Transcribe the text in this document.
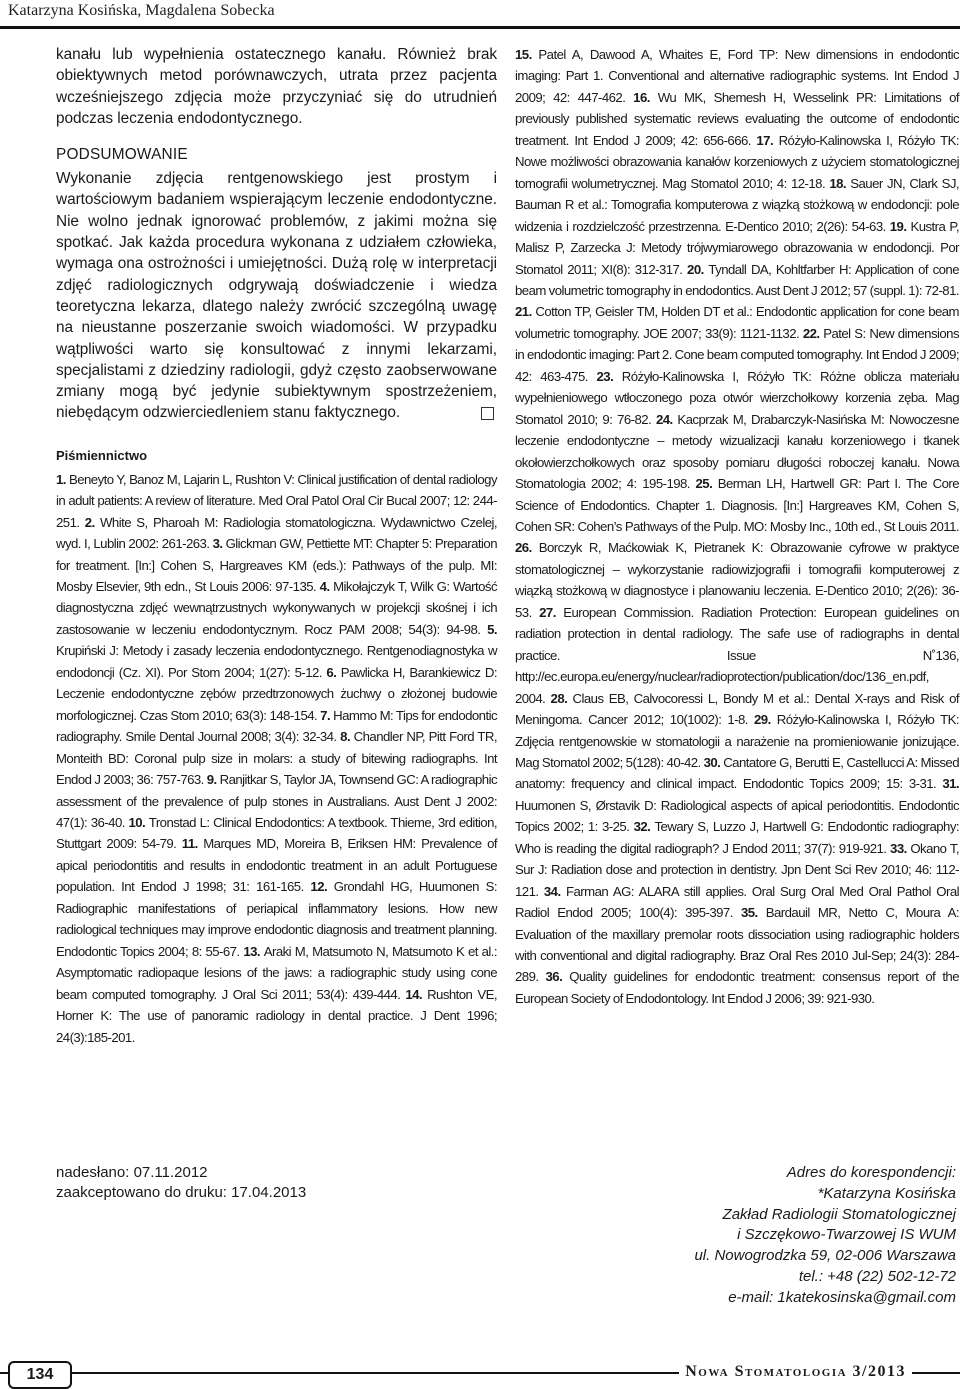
Katarzyna Kosińska, Magdalena Sobecka

kanału lub wypełnienia ostatecznego kanału. Również brak obiektywnych metod porównawczych, utrata przez pacjenta wcześniejszego zdjęcia może przyczyniać się do utrudnień podczas leczenia endodontycznego.

PODSUMOWANIE

Wykonanie zdjęcia rentgenowskiego jest prostym i wartościowym badaniem wspierającym leczenie endodontyczne. Nie wolno jednak ignorować problemów, z jakimi można się spotkać. Jak każda procedura wykonana z udziałem człowieka, wymaga ona ostrożności i umiejętności. Dużą rolę w interpretacji zdjęć radiologicznych odgrywają doświadczenie i wiedza teoretyczna lekarza, dlatego należy zwrócić szczególną uwagę na nieustanne poszerzanie swoich wiadomości. W przypadku wątpliwości warto się konsultować z innymi lekarzami, specjalistami z dziedziny radiologii, gdyż często zaobserwowane zmiany mogą być jedynie subiektywnym spostrzeżeniem, niebędącym odzwierciedleniem stanu faktycznego.

Piśmiennictwo

1. Beneyto Y, Banoz M, Lajarin L, Rushton V: Clinical justification of dental radiology in adult patients: A review of literature. Med Oral Patol Oral Cir Bucal 2007; 12: 244-251. 2. White S, Pharoah M: Radiologia stomatologiczna. Wydawnictwo Czelej, wyd. I, Lublin 2002: 261-263. 3. Glickman GW, Pettiette MT: Chapter 5: Preparation for treatment. [In:] Cohen S, Hargreaves KM (eds.): Pathways of the pulp. MI: Mosby Elsevier, 9th edn., St Louis 2006: 97-135. 4. Mikołajczyk T, Wilk G: Wartość diagnostyczna zdjęć wewnątrzustnych wykonywanych w projekcji skośnej i ich zastosowanie w leczeniu endodontycznym. Rocz PAM 2008; 54(3): 94-98. 5. Krupiński J: Metody i zasady leczenia endodontycznego. Rentgenodiagnostyka w endodoncji (Cz. XI). Por Stom 2004; 1(27): 5-12. 6. Pawlicka H, Barankiewicz D: Leczenie endodontyczne zębów przedtrzonowych żuchwy o złożonej budowie morfologicznej. Czas Stom 2010; 63(3): 148-154. 7. Hammo M: Tips for endodontic radiography. Smile Dental Journal 2008; 3(4): 32-34. 8. Chandler NP, Pitt Ford TR, Monteith BD: Coronal pulp size in molars: a study of bitewing radiographs. Int Endod J 2003; 36: 757-763. 9. Ranjitkar S, Taylor JA, Townsend GC: A radiographic assessment of the prevalence of pulp stones in Australians. Aust Dent J 2002: 47(1): 36-40. 10. Tronstad L: Clinical Endodontics: A textbook. Thieme, 3rd edition, Stuttgart 2009: 54-79. 11. Marques MD, Moreira B, Eriksen HM: Prevalence of apical periodontitis and results in endodontic treatment in an adult Portuguese population. Int Endod J 1998; 31: 161-165. 12. Grondahl HG, Huumonen S: Radiographic manifestations of periapical inflammatory lesions. How new radiological techniques may improve endodontic diagnosis and treatment planning. Endodontic Topics 2004; 8: 55-67. 13. Araki M, Matsumoto N, Matsumoto K et al.: Asymptomatic radiopaque lesions of the jaws: a radiographic study using cone beam computed tomography. J Oral Sci 2011; 53(4): 439-444. 14. Rushton VE, Horner K: The use of panoramic radiology in dental practice. J Dent 1996; 24(3):185-201.

15. Patel A, Dawood A, Whaites E, Ford TP: New dimensions in endodontic imaging: Part 1. Conventional and alternative radiographic systems. Int Endod J 2009; 42: 447-462. 16. Wu MK, Shemesh H, Wesselink PR: Limitations of previously published systematic reviews evaluating the outcome of endodontic treatment. Int Endod J 2009; 42: 656-666. 17. Różyło-Kalinowska I, Różyło TK: Nowe możliwości obrazowania kanałów korzeniowych z użyciem stomatologicznej tomografii wolumetrycznej. Mag Stomatol 2010; 4: 12-18. 18. Sauer JN, Clark SJ, Bauman R et al.: Tomografia komputerowa z wiązką stożkową w endodoncji: pole widzenia i rozdzielczość przestrzenna. E-Dentico 2010; 2(26): 54-63. 19. Kustra P, Malisz P, Zarzecka J: Metody trójwymiarowego obrazowania w endodoncji. Por Stomatol 2011; XI(8): 312-317. 20. Tyndall DA, Kohltfarber H: Application of cone beam volumetric tomography in endodontics. Aust Dent J 2012; 57 (suppl. 1): 72-81. 21. Cotton TP, Geisler TM, Holden DT et al.: Endodontic application for cone beam volumetric tomography. JOE 2007; 33(9): 1121-1132. 22. Patel S: New dimensions in endodontic imaging: Part 2. Cone beam computed tomography. Int Endod J 2009; 42: 463-475. 23. Różyło-Kalinowska I, Różyło TK: Różne oblicza materiału wypełnieniowego wtłoczonego poza otwór wierzchołkowy korzenia zęba. Mag Stomatol 2010; 9: 76-82. 24. Kacprzak M, Drabarczyk-Nasińska M: Nowoczesne leczenie endodontyczne – metody wizualizacji kanału korzeniowego i tkanek okołowierzchołkowych oraz sposoby pomiaru długości roboczej kanału. Nowa Stomatologia 2002; 4: 195-198. 25. Berman LH, Hartwell GR: Part I. The Core Science of Endodontics. Chapter 1. Diagnosis. [In:] Hargreaves KM, Cohen S, Cohen SR: Cohen’s Pathways of the Pulp. MO: Mosby Inc., 10th ed., St Louis 2011. 26. Borczyk R, Maćkowiak K, Pietranek K: Obrazowanie cyfrowe w praktyce stomatologicznej – wykorzystanie radiowizjografii i tomografii komputerowej z wiązką stożkową w diagnostyce i planowaniu leczenia. E-Dentico 2010; 2(26): 36-53. 27. European Commission. Radiation Protection: European guidelines on radiation protection in dental radiology. The safe use of radiographs in dental practice. Issue N˚136, http://ec.europa.eu/energy/nuclear/radioprotection/publication/doc/136_en.pdf, 2004. 28. Claus EB, Calvocoressi L, Bondy M et al.: Dental X-rays and Risk of Meningoma. Cancer 2012; 10(1002): 1-8. 29. Różyło-Kalinowska I, Różyło TK: Zdjęcia rentgenowskie w stomatologii a narażenie na promieniowanie jonizujące. Mag Stomatol 2002; 5(128): 40-42. 30. Cantatore G, Berutti E, Castellucci A: Missed anatomy: frequency and clinical impact. Endodontic Topics 2009; 15: 3-31. 31. Huumonen S, Ørstavik D: Radiological aspects of apical periodontitis. Endodontic Topics 2002; 1: 3-25. 32. Tewary S, Luzzo J, Hartwell G: Endodontic radiography: Who is reading the digital radiograph? J Endod 2011; 37(7): 919-921. 33. Okano T, Sur J: Radiation dose and protection in dentistry. Jpn Dent Sci Rev 2010; 46: 112-121. 34. Farman AG: ALARA still applies. Oral Surg Oral Med Oral Pathol Oral Radiol Endod 2005; 100(4): 395-397. 35. Bardauil MR, Netto C, Moura A: Evaluation of the maxillary premolar roots dissociation using radiographic holders with conventional and digital radiography. Braz Oral Res 2010 Jul-Sep; 24(3): 284-289. 36. Quality guidelines for endodontic treatment: consensus report of the European Society of Endodontology. Int Endod J 2006; 39: 921-930.

nadesłano: 07.11.2012
zaakceptowano do druku: 17.04.2013
Adres do korespondencji:
*Katarzyna Kosińska
Zakład Radiologii Stomatologicznej
i Szczękowo-Twarzowej IS WUM
ul. Nowogrodzka 59, 02-006 Warszawa
tel.: +48 (22) 502-12-72
e-mail: 1katekosinska@gmail.com
134	Nowa Stomatologia 3/2013
